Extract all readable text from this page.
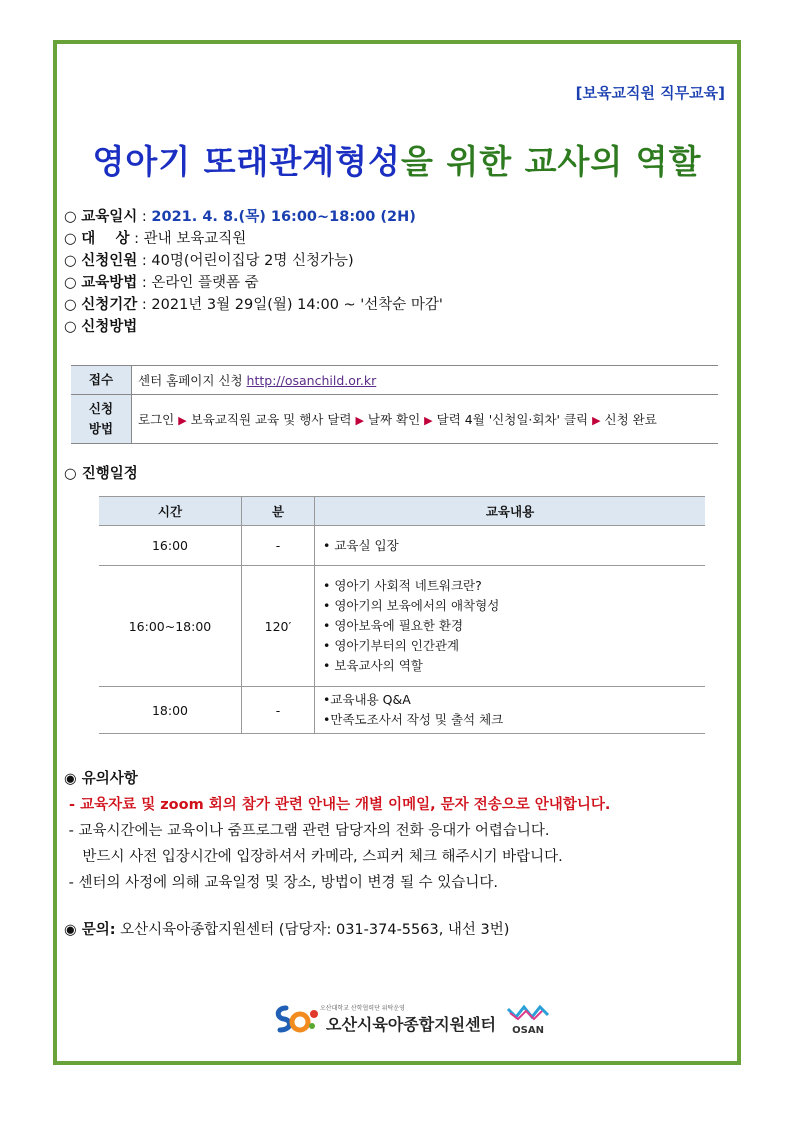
[보육교직원 직무교육]
영아기 또래관계형성을 위한 교사의 역할
○ 교육일시 : 2021. 4. 8.(목) 16:00~18:00 (2H)
○ 대    상 : 관내 보육교직원
○ 신청인원 : 40명(어린이집당 2명 신청가능)
○ 교육방법 : 온라인 플랫폼 줌
○ 신청기간 : 2021년 3월 29일(월) 14:00 ~ '선착순 마감'
○ 신청방법
접수	센터 홈페이지 신청 http://osanchild.or.kr
신청
방법	로그인 ▶ 보육교직원 교육 및 행사 달력 ▶ 날짜 확인 ▶ 달력 4월 '신청일·회차' 클릭 ▶ 신청 완료
○ 진행일정
시간	분	교육내용
16:00	-	• 교육실 입장

16:00~18:00	120′	• 영아기 사회적 네트워크란?
• 영아기의 보육에서의 애착형성
• 영아보육에 필요한 환경
• 영아기부터의 인간관계
• 보육교사의 역할

18:00	-	•교육내용 Q&A
•만족도조사서 작성 및 출석 체크
◉ 유의사항
- 교육자료 및 zoom 회의 참가 관련 안내는 개별 이메일, 문자 전송으로 안내합니다.
- 교육시간에는 교육이나 줌프로그램 관련 담당자의 전화 응대가 어렵습니다.
반드시 사전 입장시간에 입장하셔서 카메라, 스피커 체크 해주시기 바랍니다.
- 센터의 사정에 의해 교육일정 및 장소, 방법이 변경 될 수 있습니다.
◉ 문의: 오산시육아종합지원센터 (담당자: 031-374-5563, 내선 3번)
오산대학교 산학협력단 위탁운영
오산시육아종합지원센터	OSAN
